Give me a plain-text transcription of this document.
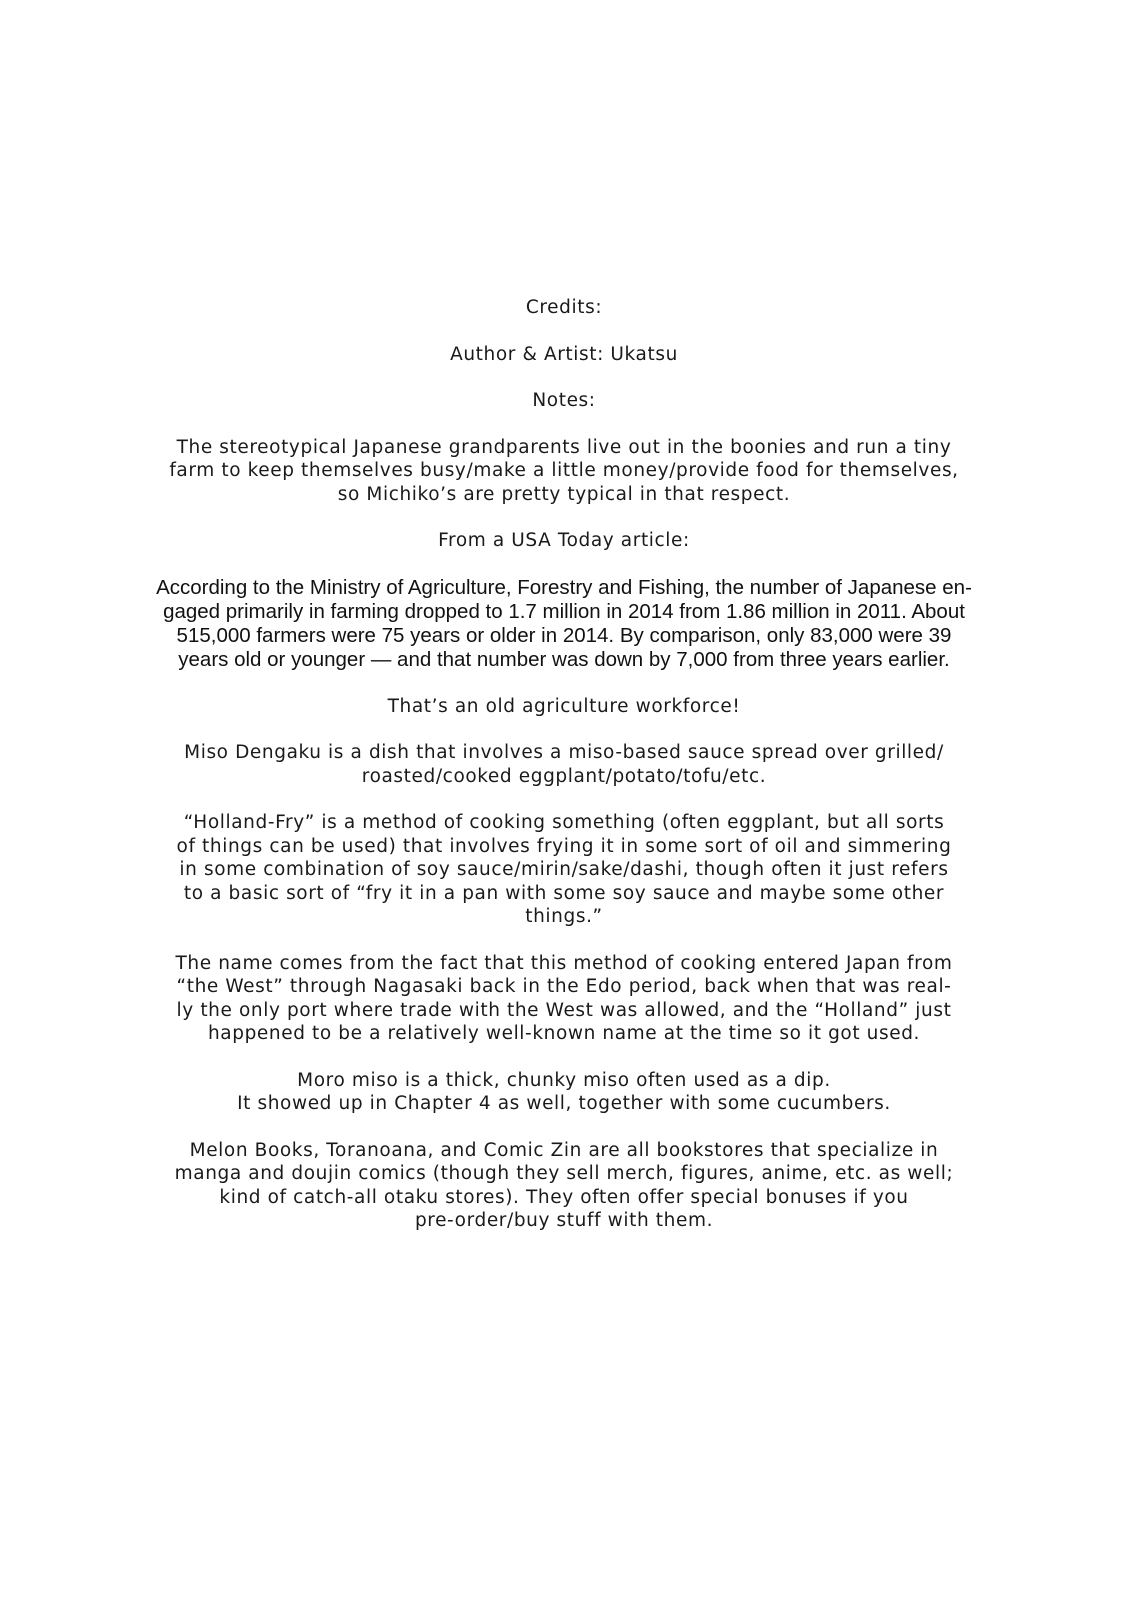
Credits:

Author & Artist: Ukatsu

Notes:

The stereotypical Japanese grandparents live out in the boonies and run a tiny
farm to keep themselves busy/make a little money/provide food for themselves,
so Michiko’s are pretty typical in that respect.

From a USA Today article:

According to the Ministry of Agriculture, Forestry and Fishing, the number of Japanese en-
gaged primarily in farming dropped to 1.7 million in 2014 from 1.86 million in 2011. About
515,000 farmers were 75 years or older in 2014. By comparison, only 83,000 were 39
years old or younger — and that number was down by 7,000 from three years earlier.

That’s an old agriculture workforce!

Miso Dengaku is a dish that involves a miso-based sauce spread over grilled/
roasted/cooked eggplant/potato/tofu/etc.

“Holland-Fry” is a method of cooking something (often eggplant, but all sorts
of things can be used) that involves frying it in some sort of oil and simmering
in some combination of soy sauce/mirin/sake/dashi, though often it just refers
to a basic sort of “fry it in a pan with some soy sauce and maybe some other
things.”

The name comes from the fact that this method of cooking entered Japan from
“the West” through Nagasaki back in the Edo period, back when that was real-
ly the only port where trade with the West was allowed, and the “Holland” just
happened to be a relatively well-known name at the time so it got used.

Moro miso is a thick, chunky miso often used as a dip.
It showed up in Chapter 4 as well, together with some cucumbers.

Melon Books, Toranoana, and Comic Zin are all bookstores that specialize in
manga and doujin comics (though they sell merch, figures, anime, etc. as well;
kind of catch-all otaku stores). They often offer special bonuses if you
pre-order/buy stuff with them.
